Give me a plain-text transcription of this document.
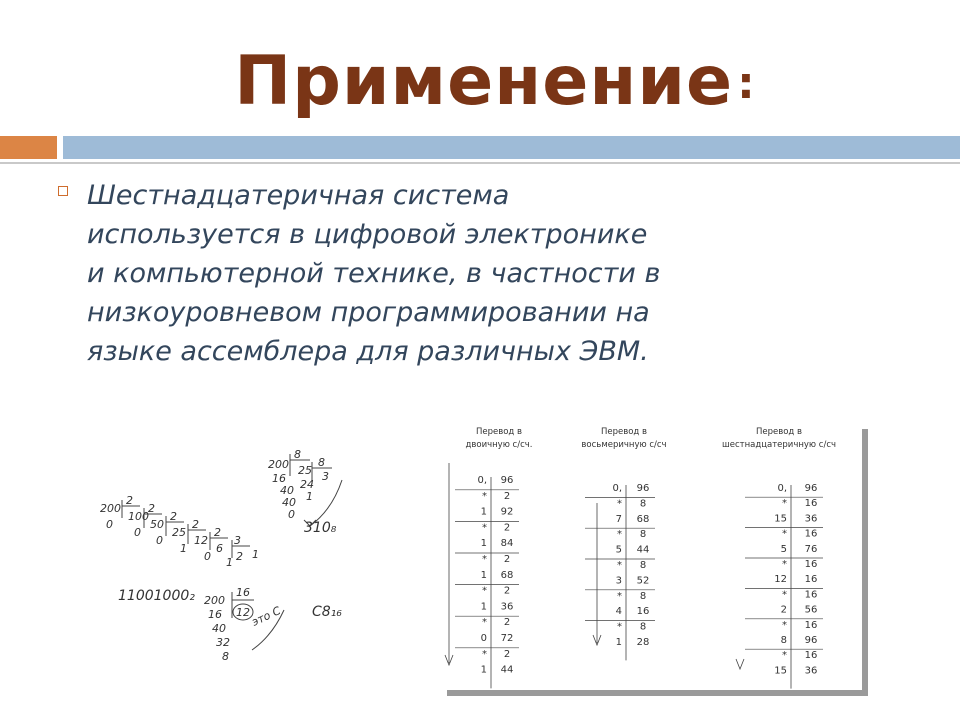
Применение:
Шестнадцатеричная система
используется в цифровой электронике
и компьютерной технике, в частности в
низкоуровневом программировании на
языке ассемблера для различных ЭВМ.
200
2
100
2
50
2
25
2
12
2
6
3
2 1
0
0
0
1
0 1
200
8
16
25
8
40 24
3
40 1
0
310₈
11001000₂
C8₁₆
200
16
16 12
40
32
8
это С
Перевод в
двоичную с/сч.
Перевод в
восьмеричную с/сч
Перевод в
шестнадцатеричную с/сч
0, 96
* 2
1 92
* 2
1 84
* 2
1 68
* 2
1 36
* 2
0 72
* 2
1 44
0, 96
* 8
7 68
* 8
5 44
* 8
3 52
* 8
4 16
* 8
1 28
0, 96
* 16
15 36
* 16
5 76
* 16
12 16
* 16
2 56
* 16
8 96
* 16
15 36
